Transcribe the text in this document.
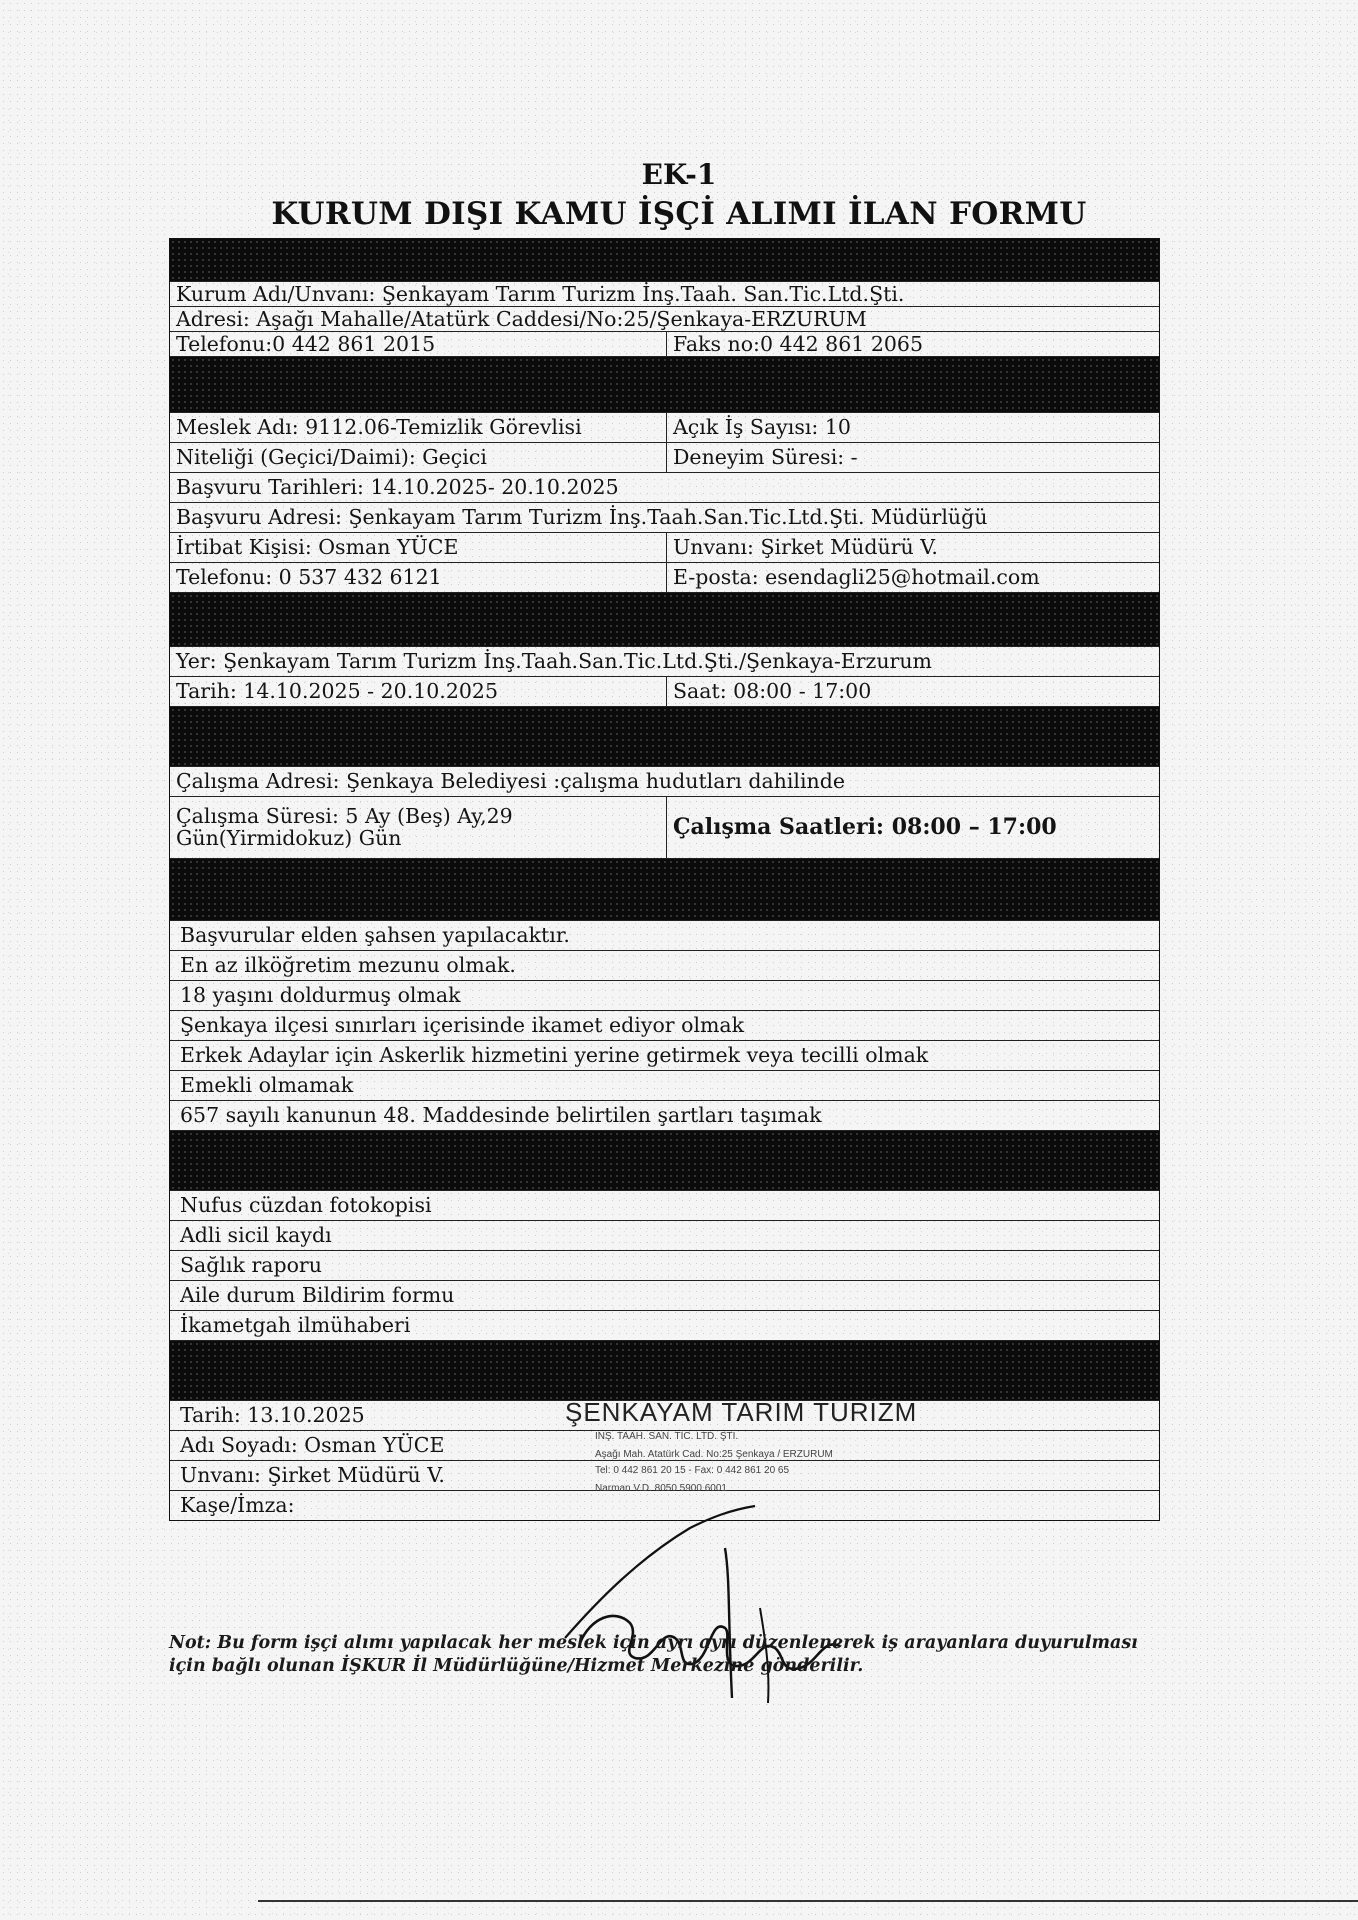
EK-1
KURUM DIŞI KAMU İŞÇİ ALIMI İLAN FORMU
Kurum Adı/Unvanı: Şenkayam Tarım Turizm İnş.Taah. San.Tic.Ltd.Şti.
Adresi: Aşağı Mahalle/Atatürk Caddesi/No:25/Şenkaya-ERZURUM
Telefonu:0 442 861 2015	Faks no:0 442 861 2065
Meslek Adı: 9112.06-Temizlik Görevlisi	Açık İş Sayısı: 10
Niteliği (Geçici/Daimi): Geçici	Deneyim Süresi: -
Başvuru Tarihleri: 14.10.2025- 20.10.2025
Başvuru Adresi: Şenkayam Tarım Turizm İnş.Taah.San.Tic.Ltd.Şti. Müdürlüğü
İrtibat Kişisi: Osman YÜCE	Unvanı: Şirket Müdürü V.
Telefonu: 0 537 432 6121	E-posta: esendagli25@hotmail.com
Yer: Şenkayam Tarım Turizm İnş.Taah.San.Tic.Ltd.Şti./Şenkaya-Erzurum
Tarih: 14.10.2025 - 20.10.2025	Saat: 08:00 - 17:00
Çalışma Adresi: Şenkaya Belediyesi :çalışma hudutları dahilinde
Çalışma Süresi: 5 Ay (Beş) Ay,29 Gün(Yirmidokuz) Gün	Çalışma Saatleri: 08:00 – 17:00
Başvurular elden şahsen yapılacaktır.
En az ilköğretim mezunu olmak.
18 yaşını doldurmuş olmak
Şenkaya ilçesi sınırları içerisinde ikamet ediyor olmak
Erkek Adaylar için Askerlik hizmetini yerine getirmek veya tecilli olmak
Emekli olmamak
657 sayılı kanunun 48. Maddesinde belirtilen şartları taşımak
Nufus cüzdan fotokopisi
Adli sicil kaydı
Sağlık raporu
Aile durum Bildirim formu
İkametgah ilmühaberi
Tarih: 13.10.2025
Adı Soyadı: Osman YÜCE
Unvanı: Şirket Müdürü V.
Kaşe/İmza:
ŞENKAYAM TARIM TURİZM
İNŞ. TAAH. SAN. TİC. LTD. ŞTİ.
Aşağı Mah. Atatürk Cad. No:25 Şenkaya / ERZURUM
Tel: 0 442 861 20 15 - Fax: 0 442 861 20 65
Narman V.D. 8050 5900 6001
Not: Bu form işçi alımı yapılacak her meslek için ayrı ayrı düzenlenerek iş arayanlara duyurulması için bağlı olunan İŞKUR İl Müdürlüğüne/Hizmet Merkezine gönderilir.
